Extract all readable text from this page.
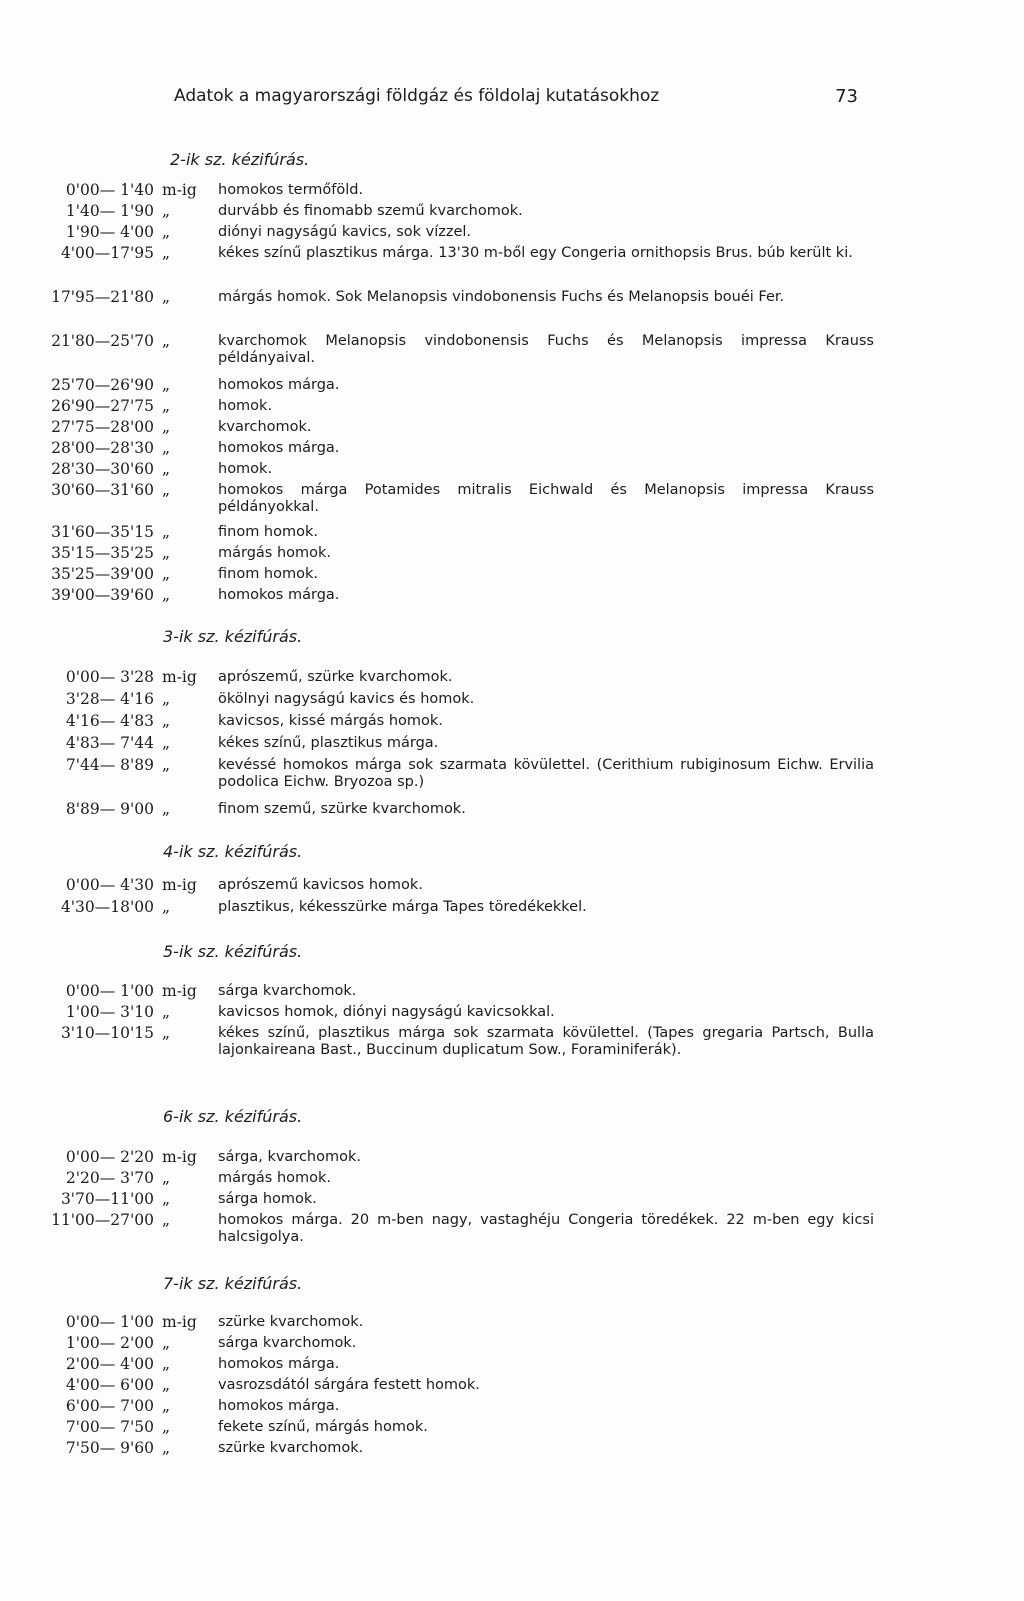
Adatok a magyarországi földgáz és földolaj kutatásokhoz	73
2-ik sz. kézifúrás.
0'00— 1'40 m-ig	homokos termőföld.
1'40— 1'90 „	durvább és finomabb szemű kvarchomok.
1'90— 4'00 „	diónyi nagyságú kavics, sok vízzel.
4'00—17'95 „	kékes színű plasztikus márga. 13'30 m-ből egy Congeria ornithopsis Brus. búb került ki.
17'95—21'80 „	márgás homok. Sok Melanopsis vindobonensis Fuchs és Melanopsis bouéi Fer.
21'80—25'70 „	kvarchomok Melanopsis vindobonensis Fuchs és Melanopsis impressa Krauss példányaival.
25'70—26'90 „	homokos márga.
26'90—27'75 „	homok.
27'75—28'00 „	kvarchomok.
28'00—28'30 „	homokos márga.
28'30—30'60 „	homok.
30'60—31'60 „	homokos márga Potamides mitralis Eichwald és Melanopsis impressa Krauss példányokkal.
31'60—35'15 „	finom homok.
35'15—35'25 „	márgás homok.
35'25—39'00 „	finom homok.
39'00—39'60 „	homokos márga.
3-ik sz. kézifúrás.
0'00— 3'28 m-ig	aprószemű, szürke kvarchomok.
3'28— 4'16 „	ökölnyi nagyságú kavics és homok.
4'16— 4'83 „	kavicsos, kissé márgás homok.
4'83— 7'44 „	kékes színű, plasztikus márga.
7'44— 8'89 „	kevéssé homokos márga sok szarmata kövülettel. (Cerithium rubiginosum Eichw. Ervilia podolica Eichw. Bryozoa sp.)
8'89— 9'00 „	finom szemű, szürke kvarchomok.
4-ik sz. kézifúrás.
0'00— 4'30 m-ig	aprószemű kavicsos homok.
4'30—18'00 „	plasztikus, kékesszürke márga Tapes töredékekkel.
5-ik sz. kézifúrás.
0'00— 1'00 m-ig	sárga kvarchomok.
1'00— 3'10 „	kavicsos homok, diónyi nagyságú kavicsokkal.
3'10—10'15 „	kékes színű, plasztikus márga sok szarmata kövülettel. (Tapes gregaria Partsch, Bulla lajonkaireana Bast., Buccinum duplicatum Sow., Foraminiferák).
6-ik sz. kézifúrás.
0'00— 2'20 m-ig	sárga, kvarchomok.
2'20— 3'70 „	márgás homok.
3'70—11'00 „	sárga homok.
11'00—27'00 „	homokos márga. 20 m-ben nagy, vastaghéju Congeria töredékek. 22 m-ben egy kicsi halcsigolya.
7-ik sz. kézifúrás.
0'00— 1'00 m-ig	szürke kvarchomok.
1'00— 2'00 „	sárga kvarchomok.
2'00— 4'00 „	homokos márga.
4'00— 6'00 „	vasrozsdától sárgára festett homok.
6'00— 7'00 „	homokos márga.
7'00— 7'50 „	fekete színű, márgás homok.
7'50— 9'60 „	szürke kvarchomok.
